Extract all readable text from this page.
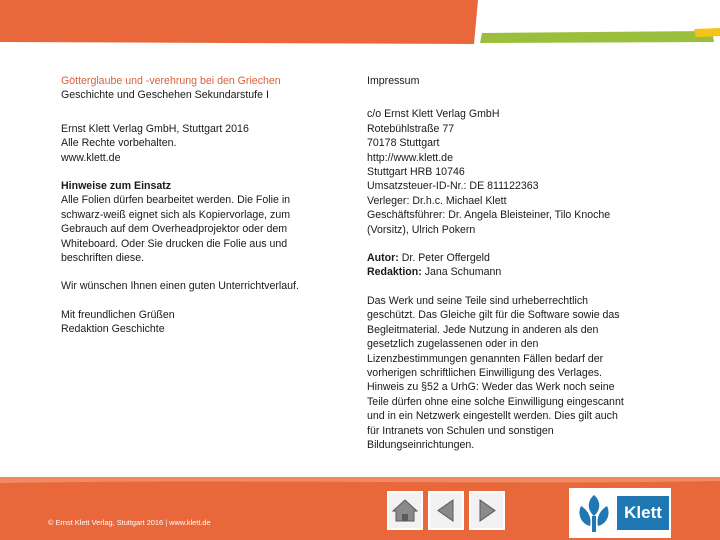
Götterglaube und -verehrung bei den Griechen
Geschichte und Geschehen Sekundarstufe I
Ernst Klett Verlag GmbH, Stuttgart 2016
Alle Rechte vorbehalten.
www.klett.de
Hinweise zum Einsatz
Alle Folien dürfen bearbeitet werden. Die Folie in
schwarz-weiß eignet sich als Kopiervorlage, zum
Gebrauch auf dem Overheadprojektor oder dem
Whiteboard. Oder Sie drucken die Folie aus und
beschriften diese.
Wir wünschen Ihnen einen guten Unterrichtverlauf.
Mit freundlichen Grüßen
Redaktion Geschichte
Impressum
c/o Ernst Klett Verlag GmbH
Rotebühlstraße 77
70178 Stuttgart
http://www.klett.de
Stuttgart HRB 10746
Umsatzsteuer-ID-Nr.: DE 811122363
Verleger: Dr.h.c. Michael Klett
Geschäftsführer: Dr. Angela Bleisteiner, Tilo Knoche
(Vorsitz), Ulrich Pokern
Autor: Dr. Peter Offergeld
Redaktion: Jana Schumann
Das Werk und seine Teile sind urheberrechtlich
geschützt. Das Gleiche gilt für die Software sowie das
Begleitmaterial. Jede Nutzung in anderen als den
gesetzlich zugelassenen oder in den
Lizenzbestimmungen genannten Fällen bedarf der
vorherigen schriftlichen Einwilligung des Verlages.
Hinweis zu §52 a UrhG: Weder das Werk noch seine
Teile dürfen ohne eine solche Einwilligung eingescannt
und in ein Netzwerk eingestellt werden. Dies gilt auch
für Intranets von Schulen und sonstigen
Bildungseinrichtungen.
© Ernst Klett Verlag, Stuttgart 2016 | www.klett.de
Klett
